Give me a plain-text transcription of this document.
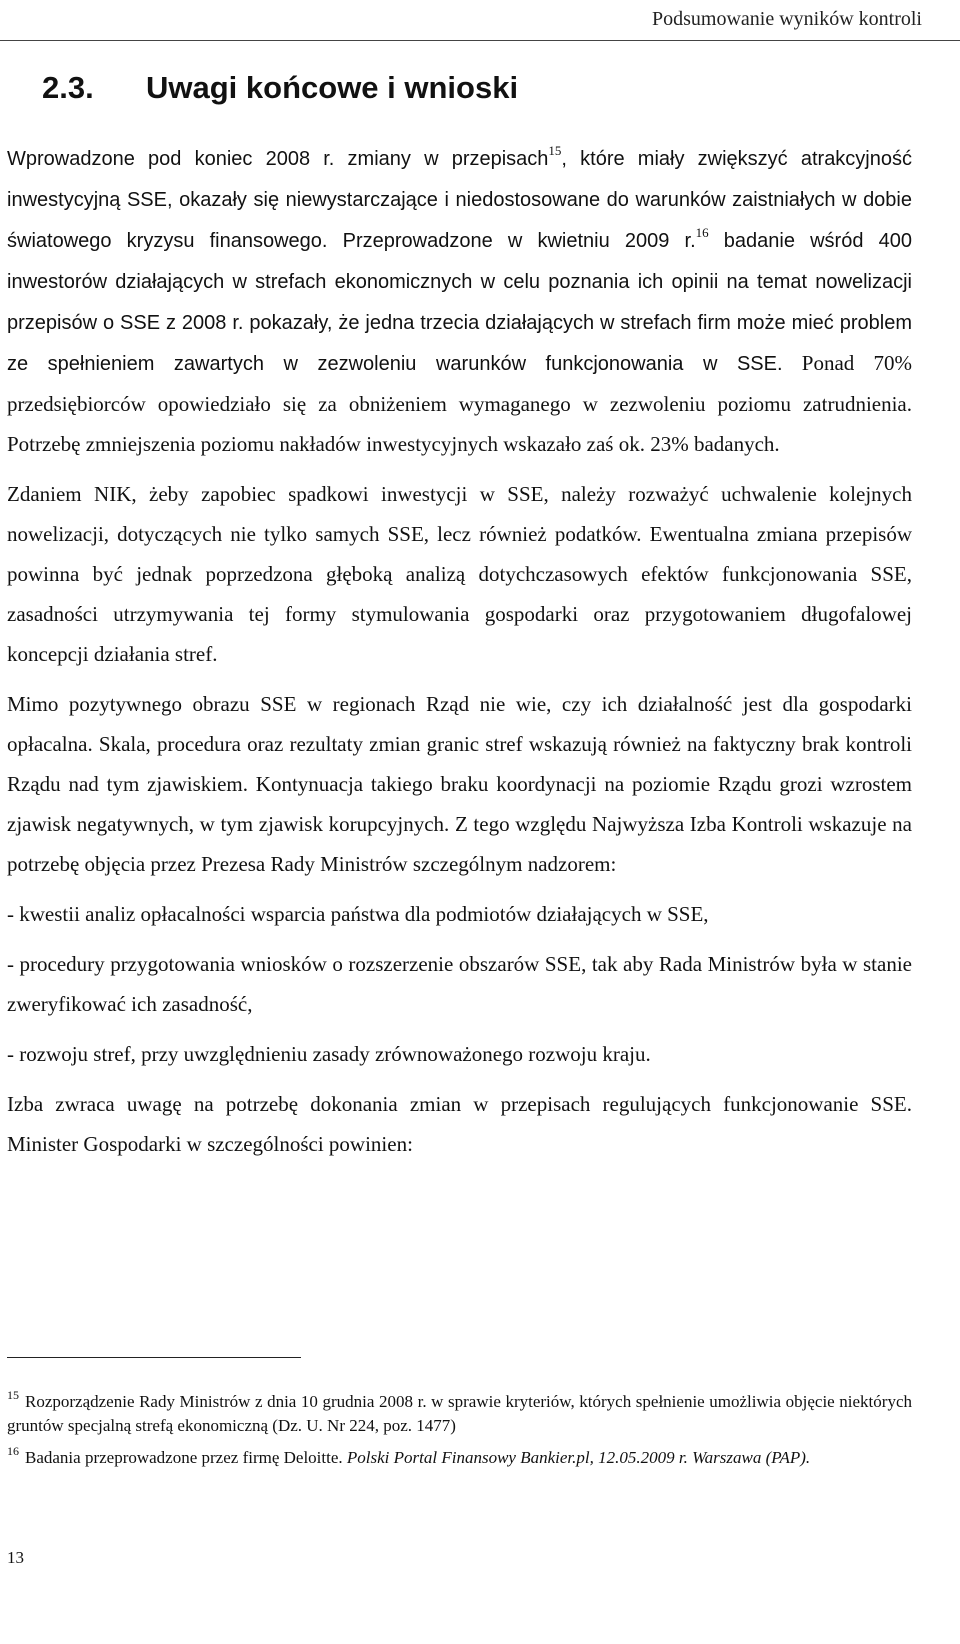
Podsumowanie wyników kontroli
2.3. Uwagi końcowe i wnioski

Wprowadzone pod koniec 2008 r. zmiany w przepisach$^{15}$, które miały zwiększyć atrakcyjność inwestycyjną SSE, okazały się niewystarczające i niedostosowane do warunków zaistniałych w dobie światowego kryzysu finansowego. Przeprowadzone w kwietniu 2009 r.$^{16}$ badanie wśród 400 inwestorów działających w strefach ekonomicznych w celu poznania ich opinii na temat nowelizacji przepisów o SSE z 2008 r. pokazały, że jedna trzecia działających w strefach firm może mieć problem ze spełnieniem zawartych w zezwoleniu warunków funkcjonowania w SSE. Ponad 70% przedsiębiorców opowiedziało się za obniżeniem wymaganego w zezwoleniu poziomu zatrudnienia. Potrzebę zmniejszenia poziomu nakładów inwestycyjnych wskazało zaś ok. 23% badanych.

Zdaniem NIK, żeby zapobiec spadkowi inwestycji w SSE, należy rozważyć uchwalenie kolejnych nowelizacji, dotyczących nie tylko samych SSE, lecz również podatków. Ewentualna zmiana przepisów powinna być jednak poprzedzona głęboką analizą dotychczasowych efektów funkcjonowania SSE, zasadności utrzymywania tej formy stymulowania gospodarki oraz przygotowaniem długofalowej koncepcji działania stref.

Mimo pozytywnego obrazu SSE w regionach Rząd nie wie, czy ich działalność jest dla gospodarki opłacalna. Skala, procedura oraz rezultaty zmian granic stref wskazują również na faktyczny brak kontroli Rządu nad tym zjawiskiem. Kontynuacja takiego braku koordynacji na poziomie Rządu grozi wzrostem zjawisk negatywnych, w tym zjawisk korupcyjnych. Z tego względu Najwyższa Izba Kontroli wskazuje na potrzebę objęcia przez Prezesa Rady Ministrów szczególnym nadzorem:

- kwestii analiz opłacalności wsparcia państwa dla podmiotów działających w SSE,

- procedury przygotowania wniosków o rozszerzenie obszarów SSE, tak aby Rada Ministrów była w stanie zweryfikować ich zasadność,

- rozwoju stref, przy uwzględnieniu zasady zrównoważonego rozwoju kraju.

Izba zwraca uwagę na potrzebę dokonania zmian w przepisach regulujących funkcjonowanie SSE. Minister Gospodarki w szczególności powinien:

$^{15}$ Rozporządzenie Rady Ministrów z dnia 10 grudnia 2008 r. w sprawie kryteriów, których spełnienie umożliwia objęcie niektórych gruntów specjalną strefą ekonomiczną (Dz. U. Nr 224, poz. 1477)

$^{16}$ Badania przeprowadzone przez firmę Deloitte. Polski Portal Finansowy Bankier.pl, 12.05.2009 r. Warszawa (PAP).

13
